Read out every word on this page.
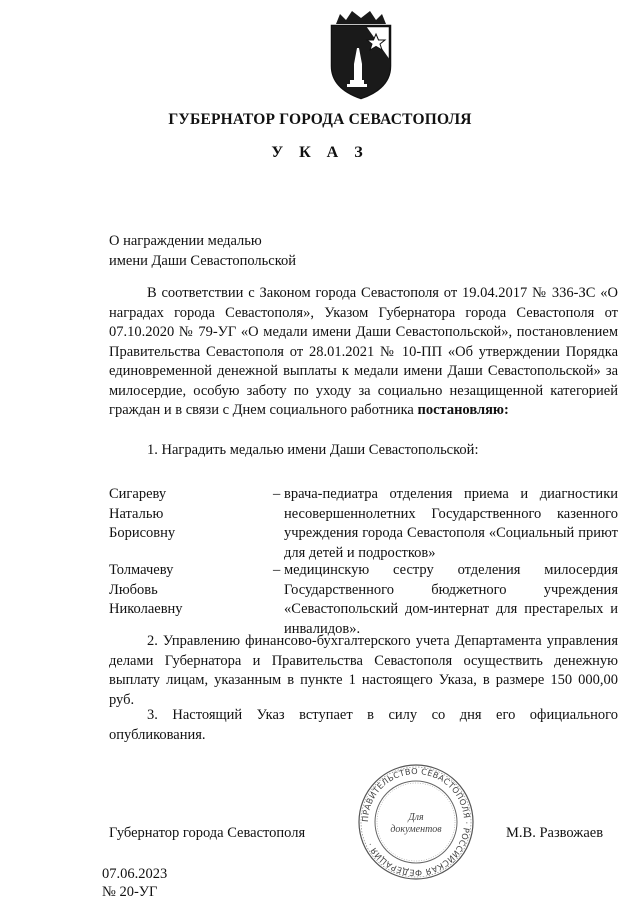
ГУБЕРНАТОР ГОРОДА СЕВАСТОПОЛЯ
У К А З
О награждении медалью
имени Даши Севастопольской

В соответствии с Законом города Севастополя от 19.04.2017 № 336-ЗС «О наградах города Севастополя», Указом Губернатора города Севастополя от 07.10.2020 № 79-УГ «О медали имени Даши Севастопольской», постановлением Правительства Севастополя от 28.01.2021 № 10-ПП «Об утверждении Порядка единовременной денежной выплаты к медали имени Даши Севастопольской» за милосердие, особую заботу по уходу за социально незащищенной категорией граждан и в связи с Днем социального работника постановляю:

1. Наградить медалью имени Даши Севастопольской:
Сигареву
Наталью
Борисовну
– врача-педиатра отделения приема и диагностики несовершеннолетних Государственного казенного учреждения города Севастополя «Социальный приют для детей и подростков»
Толмачеву
Любовь
Николаевну
– медицинскую сестру отделения милосердия Государственного бюджетного учреждения «Севастопольский дом-интернат для престарелых и инвалидов».

2. Управлению финансово-бухгалтерского учета Департамента управления делами Губернатора и Правительства Севастополя осуществить денежную выплату лицам, указанным в пункте 1 настоящего Указа, в размере 150 000,00 руб.

3. Настоящий Указ вступает в силу со дня его официального опубликования.

ПРАВИТЕЛЬСТВО СЕВАСТОПОЛЯ · РОССИЙСКАЯ ФЕДЕРАЦИЯ ·
Для
документов
Губернатор города Севастополя	М.В. Развожаев
07.06.2023
№ 20-УГ
